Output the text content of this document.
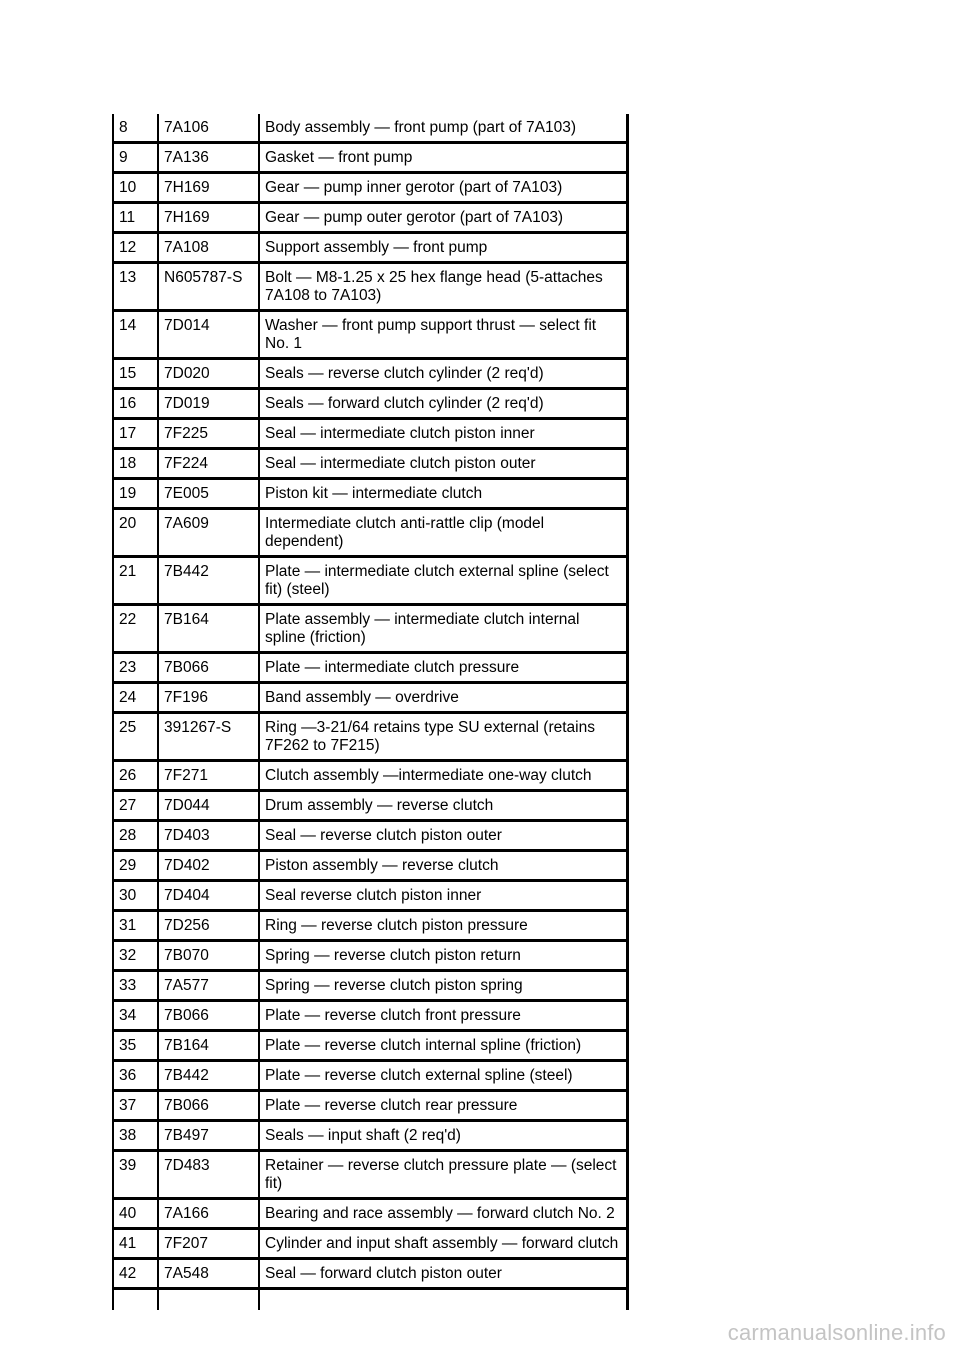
8	7A106	Body assembly — front pump (part of 7A103)
9	7A136	Gasket — front pump
10	7H169	Gear — pump inner gerotor (part of 7A103)
11	7H169	Gear — pump outer gerotor (part of 7A103)
12	7A108	Support assembly — front pump
13	N605787-S	Bolt — M8-1.25 x 25 hex flange head (5-attaches 7A108 to 7A103)
14	7D014	Washer — front pump support thrust — select fit No. 1
15	7D020	Seals — reverse clutch cylinder (2 req'd)
16	7D019	Seals — forward clutch cylinder (2 req'd)
17	7F225	Seal — intermediate clutch piston inner
18	7F224	Seal — intermediate clutch piston outer
19	7E005	Piston kit — intermediate clutch
20	7A609	Intermediate clutch anti-rattle clip (model dependent)
21	7B442	Plate — intermediate clutch external spline (select fit) (steel)
22	7B164	Plate assembly — intermediate clutch internal spline (friction)
23	7B066	Plate — intermediate clutch pressure
24	7F196	Band assembly — overdrive
25	391267-S	Ring —3-21/64 retains type SU external (retains 7F262 to 7F215)
26	7F271	Clutch assembly —intermediate one-way clutch
27	7D044	Drum assembly — reverse clutch
28	7D403	Seal — reverse clutch piston outer
29	7D402	Piston assembly — reverse clutch
30	7D404	Seal reverse clutch piston inner
31	7D256	Ring — reverse clutch piston pressure
32	7B070	Spring — reverse clutch piston return
33	7A577	Spring — reverse clutch piston spring
34	7B066	Plate — reverse clutch front pressure
35	7B164	Plate — reverse clutch internal spline (friction)
36	7B442	Plate — reverse clutch external spline (steel)
37	7B066	Plate — reverse clutch rear pressure
38	7B497	Seals — input shaft (2 req'd)
39	7D483	Retainer — reverse clutch pressure plate — (select fit)
40	7A166	Bearing and race assembly — forward clutch No. 2
41	7F207	Cylinder and input shaft assembly — forward clutch
42	7A548	Seal — forward clutch piston outer

carmanualsonline.info
